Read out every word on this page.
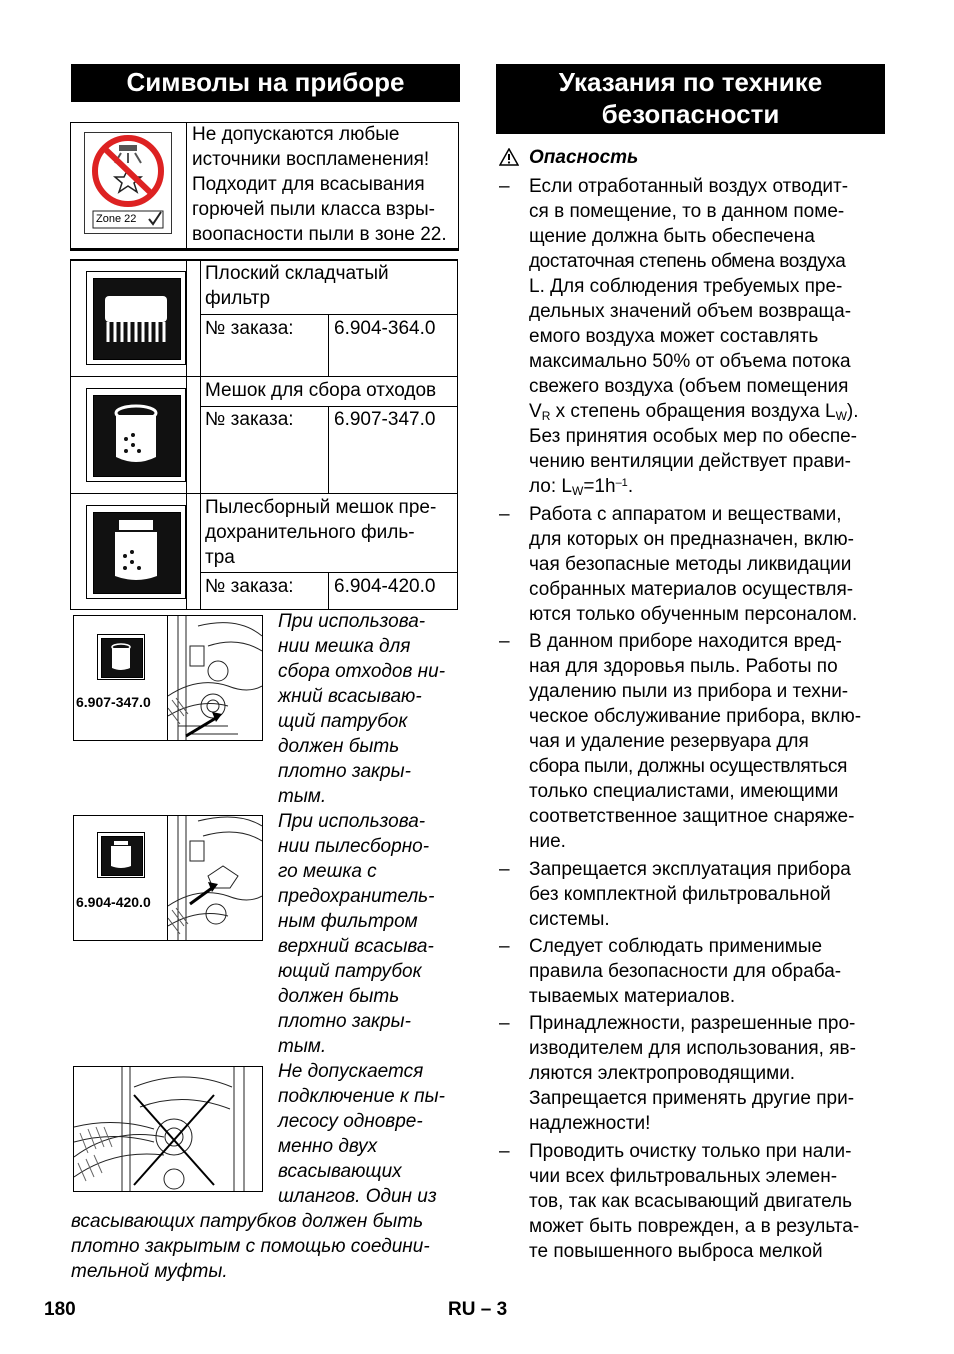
Символы на приборе
Zone 22
Не допускаются любые
источники воспламенения!
Подходит для всасывания
горючей пыли класса взры-
воопасности пыли в зоне 22.
Плоский складчатый
фильтр
№ заказа: 6.904-364.0
Мешок для сбора отходов
№ заказа: 6.907-347.0
Пылесборный мешок пре-
дохранительного филь-
тра
№ заказа: 6.904-420.0
6.907-347.0
При использова-
нии мешка для
сбора отходов ни-
жний всасываю-
щий патрубок
должен быть
плотно закры-
тым.
6.904-420.0
При использова-
нии пылесборно-
го мешка с
предохранитель-
ным фильтром
верхний всасыва-
ющий патрубок
должен быть
плотно закры-
тым.
Не допускается
подключение к пы-
лесосу одновре-
менно двух
всасывающих
шлангов. Один из
всасывающих патрубков должен быть
плотно закрытым с помощью соедини-
тельной муфты.
Указания по технике
безопасности
Опасность
–	Если отработанный воздух отводит-
ся в помещение, то в данном поме-
щение должна быть обеспечена
достаточная степень обмена воздуха
L. Для соблюдения требуемых пре-
дельных значений объем возвраща-
емого воздуха может составлять
максимально 50% от объема потока
свежего воздуха (объем помещения
$V_R$ x степень обращения воздуха $L_W$).
Без принятия особых мер по обеспе-
чению вентиляции действует прави-
ло: $L_W=1h^{-1}$.
–	Работа с аппаратом и веществами,
для которых он предназначен, вклю-
чая безопасные методы ликвидации
собранных материалов осуществля-
ются только обученным персоналом.
–	В данном приборе находится вред-
ная для здоровья пыль. Работы по
удалению пыли из прибора и техни-
ческое обслуживание прибора, вклю-
чая и удаление резервуара для
сбора пыли, должны осуществляться
только специалистами, имеющими
соответственное защитное снаряже-
ние.
–	Запрещается эксплуатация прибора
без комплектной фильтровальной
системы.
–	Следует соблюдать применимые
правила безопасности для обраба-
тываемых материалов.
–	Принадлежности, разрешенные про-
изводителем для использования, яв-
ляются электропроводящими.
Запрещается применять другие при-
надлежности!
–	Проводить очистку только при нали-
чии всех фильтровальных элемен-
тов, так как всасывающий двигатель
может быть поврежден, а в результа-
те повышенного выброса мелкой
180	RU – 3
